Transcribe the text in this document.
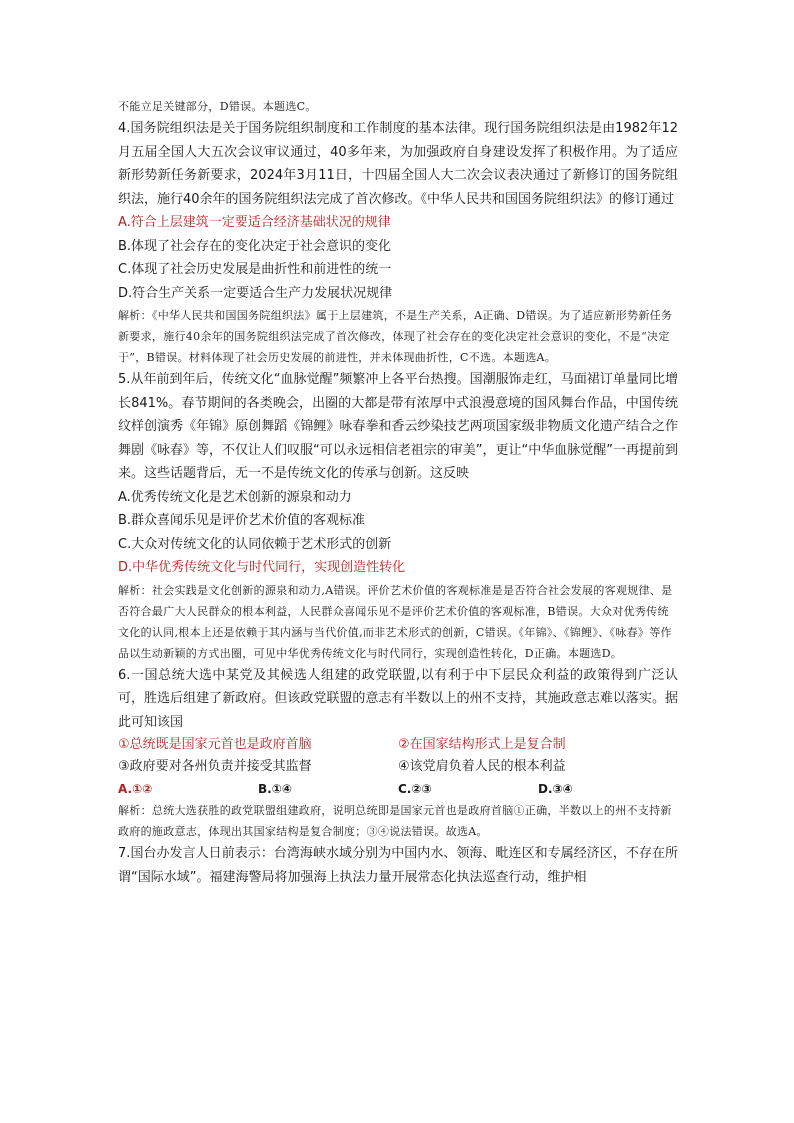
不能立足关键部分，D错误。本题选C。

4.国务院组织法是关于国务院组织制度和工作制度的基本法律。现行国务院组织法是由1982年12月五届全国人大五次会议审议通过，40多年来，为加强政府自身建设发挥了积极作用。为了适应新形势新任务新要求，2024年3月11日，十四届全国人大二次会议表决通过了新修订的国务院组织法，施行40余年的国务院组织法完成了首次修改。《中华人民共和国国务院组织法》的修订通过

A.符合上层建筑一定要适合经济基础状况的规律

B.体现了社会存在的变化决定于社会意识的变化

C.体现了社会历史发展是曲折性和前进性的统一

D.符合生产关系一定要适合生产力发展状况规律

解析：《中华人民共和国国务院组织法》属于上层建筑，不是生产关系，A正确、D错误。为了适应新形势新任务新要求，施行40余年的国务院组织法完成了首次修改，体现了社会存在的变化决定社会意识的变化，不是“决定于”，B错误。材料体现了社会历史发展的前进性，并未体现曲折性，C不选。本题选A。

5.从年前到年后，传统文化“血脉觉醒”频繁冲上各平台热搜。国潮服饰走红，马面裙订单量同比增长841%。春节期间的各类晚会，出圈的大都是带有浓厚中式浪漫意境的国风舞台作品，中国传统纹样创演秀《年锦》原创舞蹈《锦鲤》咏春拳和香云纱染技艺两项国家级非物质文化遗产结合之作舞剧《咏春》等，不仅让人们叹服“可以永远相信老祖宗的审美”，更让“中华血脉觉醒”一再提前到来。这些话题背后，无一不是传统文化的传承与创新。这反映

A.优秀传统文化是艺术创新的源泉和动力

B.群众喜闻乐见是评价艺术价值的客观标准

C.大众对传统文化的认同依赖于艺术形式的创新

D.中华优秀传统文化与时代同行，实现创造性转化

解析：社会实践是文化创新的源泉和动力,A错误。评价艺术价值的客观标准是是否符合社会发展的客观规律、是否符合最广大人民群众的根本利益，人民群众喜闻乐见不是评价艺术价值的客观标准，B错误。大众对优秀传统文化的认同,根本上还是依赖于其内涵与当代价值,而非艺术形式的创新，C错误。《年锦》、《锦鲤》、《咏春》等作品以生动新颖的方式出圈，可见中华优秀传统文化与时代同行，实现创造性转化，D正确。本题选D。

6.一国总统大选中某党及其候选人组建的政党联盟,以有利于中下层民众利益的政策得到广泛认可，胜选后组建了新政府。但该政党联盟的意志有半数以上的州不支持，其施政意志难以落实。据此可知该国

①总统既是国家元首也是政府首脑	②在国家结构形式上是复合制
③政府要对各州负责并接受其监督	④该党肩负着人民的根本利益
A.①②	B.①④	C.②③	D.③④

解析：总统大选获胜的政党联盟组建政府，说明总统即是国家元首也是政府首脑①正确，半数以上的州不支持新政府的施政意志，体现出其国家结构是复合制度；③④说法错误。故选A。

7.国台办发言人日前表示：台湾海峡水域分别为中国内水、领海、毗连区和专属经济区，不存在所谓“国际水域”。福建海警局将加强海上执法力量开展常态化执法巡查行动，维护相
